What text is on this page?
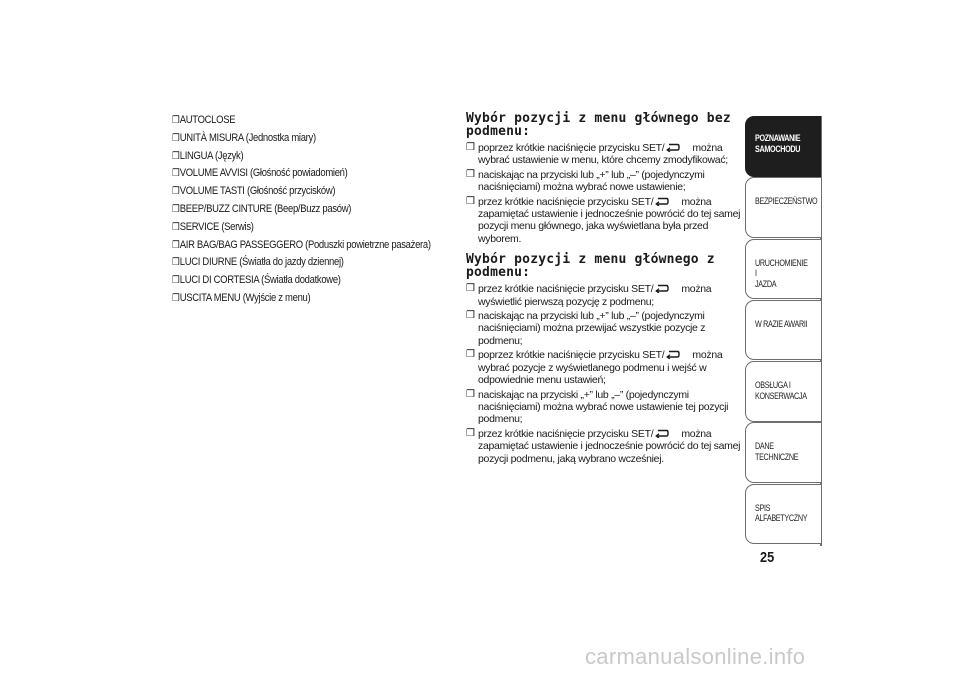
❒AUTOCLOSE
❒UNITÀ MISURA (Jednostka miary)
❒LINGUA (Język)
❒VOLUME AVVISI (Głośność powiadomień)
❒VOLUME TASTI (Głośność przycisków)
❒BEEP/BUZZ CINTURE (Beep/Buzz pasów)
❒SERVICE (Serwis)
❒AIR BAG/BAG PASSEGGERO (Poduszki powietrzne pasażera)
❒LUCI DIURNE (Światła do jazdy dziennej)
❒LUCI DI CORTESIA (Światła dodatkowe)
❒USCITA MENU (Wyjście z menu)
Wybór pozycji z menu głównego bez
podmenu:
❒ poprzez krótkie naciśnięcie przycisku SET/	można wybrać ustawienie w menu, które chcemy zmodyfikować;
❒ naciskając na przyciski lub „+” lub „–” (pojedynczymi naciśnięciami) można wybrać nowe ustawienie;
❒ przez krótkie naciśnięcie przycisku SET/	można zapamiętać ustawienie i jednocześnie powrócić do tej samej pozycji menu głównego, jaka wyświetlana była przed wyborem.
Wybór pozycji z menu głównego z
podmenu:
❒ przez krótkie naciśnięcie przycisku SET/	można wyświetlić pierwszą pozycję z podmenu;
❒ naciskając na przyciski lub „+” lub „–” (pojedynczymi naciśnięciami) można przewijać wszystkie pozycje z podmenu;
❒ poprzez krótkie naciśnięcie przycisku SET/	można wybrać pozycje z wyświetlanego podmenu i wejść w odpowiednie menu ustawień;
❒ naciskając na przyciski „+” lub „–” (pojedynczymi naciśnięciami) można wybrać nowe ustawienie tej pozycji podmenu;
❒ przez krótkie naciśnięcie przycisku SET/	można zapamiętać ustawienie i jednocześnie powrócić do tej samej pozycji podmenu, jaką wybrano wcześniej.
POZNAWANIE
SAMOCHODU
BEZPIECZEŃSTWO
URUCHOMIENIE I
JAZDA
W RAZIE AWARII
OBSŁUGA I
KONSERWACJA
DANE TECHNICZNE
SPIS ALFABETYCZNY
25
carmanualsonline.info
